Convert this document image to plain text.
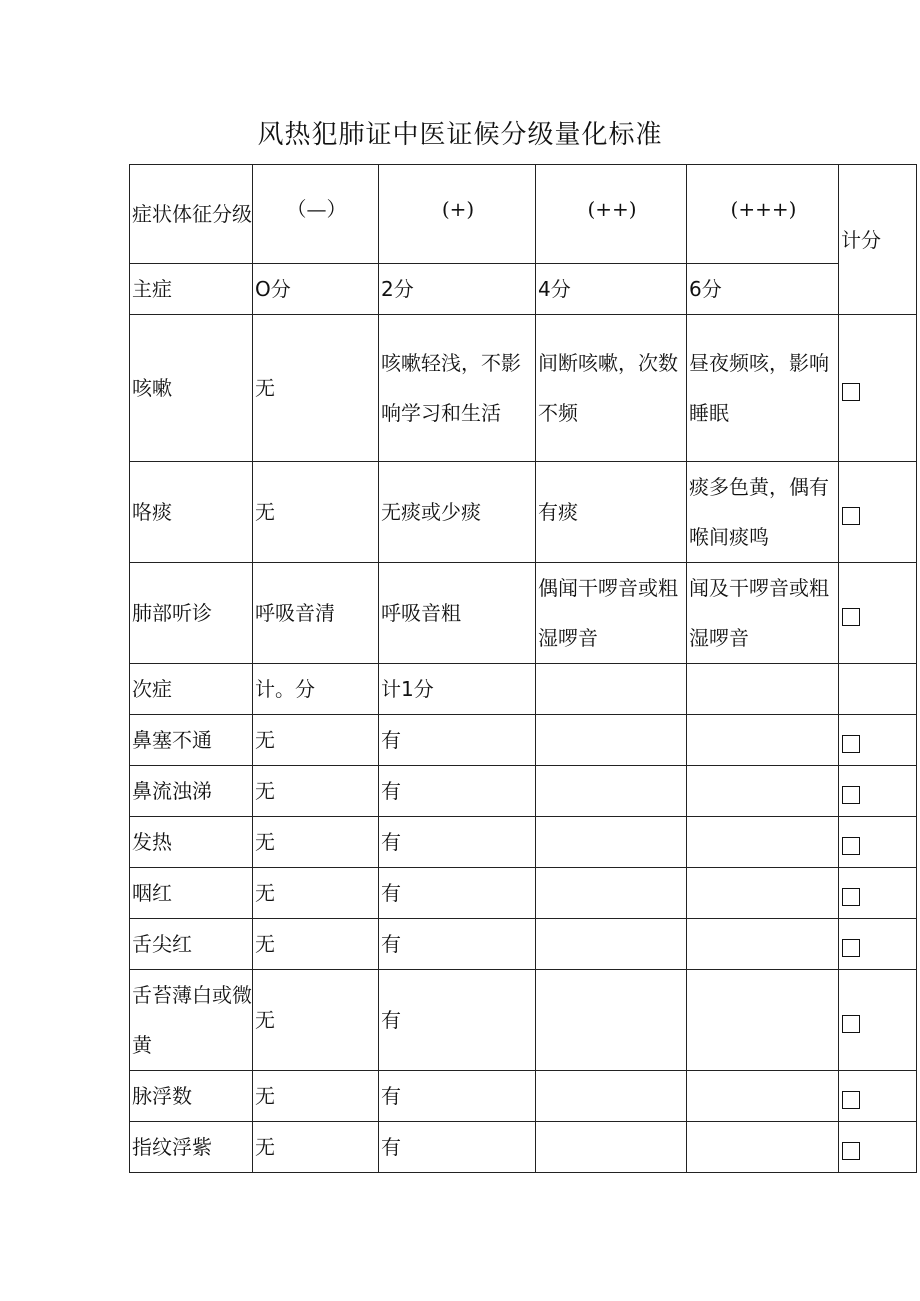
风热犯肺证中医证候分级量化标准
症状体征分级	（—）	(+)	(++)	(+++)	计分
主症	O分	2分	4分	6分	
咳嗽	无	咳嗽轻浅，不影响学习和生活	间断咳嗽，次数不频	昼夜频咳，影响睡眠	
咯痰	无	无痰或少痰	有痰	痰多色黄，偶有喉间痰鸣	
肺部听诊	呼吸音清	呼吸音粗	偶闻干啰音或粗湿啰音	闻及干啰音或粗湿啰音	
次症	计。分	计1分			
鼻塞不通	无	有			
鼻流浊涕	无	有			
发热	无	有			
咽红	无	有			
舌尖红	无	有			
舌苔薄白或微黄	无	有			
脉浮数	无	有			
指纹浮紫	无	有			
